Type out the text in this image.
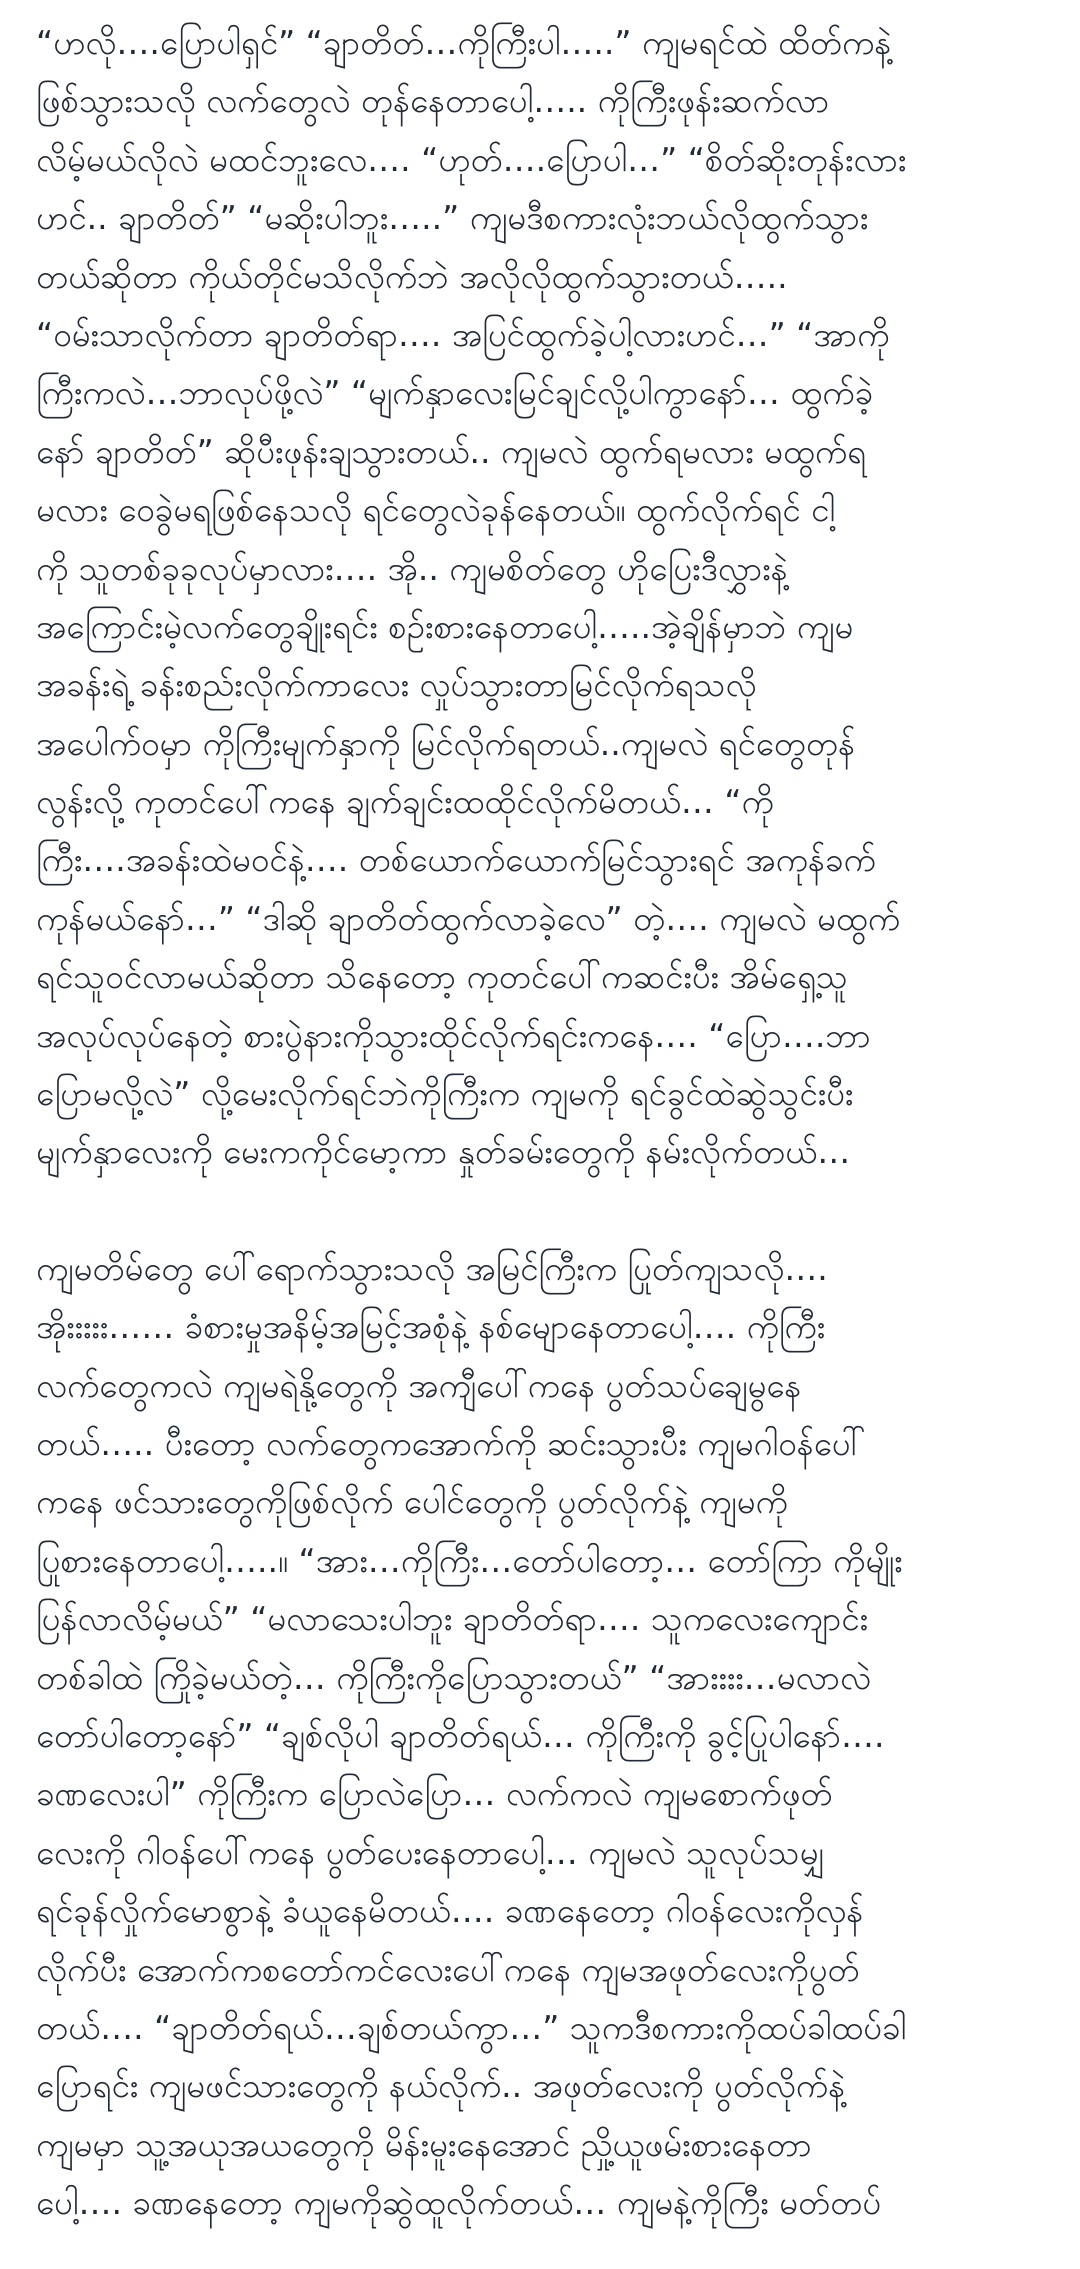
“ဟလို….ပြောပါရှင်” “ချာတိတ်…ကိုကြီးပါ…..” ကျမရင်ထဲ ထိတ်ကနဲ့
ဖြစ်သွားသလို လက်တွေလဲ တုန်နေတာပေါ့….. ကိုကြီးဖုန်းဆက်လာ
လိမ့်မယ်လိုလဲ မထင်ဘူးလေ…. “ဟုတ်….ပြောပါ…” “စိတ်ဆိုးတုန်းလား
ဟင်.. ချာတိတ်” “မဆိုးပါဘူး…..” ကျမဒီစကားလုံးဘယ်လိုထွက်သွား
တယ်ဆိုတာ ကိုယ်တိုင်မသိလိုက်ဘဲ အလိုလိုထွက်သွားတယ်…..
“ဝမ်းသာလိုက်တာ ချာတိတ်ရာ…. အပြင်ထွက်ခဲ့ပါ့လားဟင်…” “အာကို
ကြီးကလဲ…ဘာလုပ်ဖို့လဲ” “မျက်နှာလေးမြင်ချင်လို့ပါကွာနော်… ထွက်ခဲ့
နော် ချာတိတ်” ဆိုပီးဖုန်းချသွားတယ်.. ကျမလဲ ထွက်ရမလား မထွက်ရ
မလား ဝေခွဲမရဖြစ်နေသလို ရင်တွေလဲခုန်နေတယ်။ ထွက်လိုက်ရင် ငါ့
ကို သူတစ်ခုခုလုပ်မှာလား…. အို.. ကျမစိတ်တွေ ဟိုပြေးဒီလွှားနဲ့
အကြောင်းမဲ့လက်တွေချိုးရင်း စဉ်းစားနေတာပေါ့…..အဲ့ချိန်မှာဘဲ ကျမ
အခန်းရဲ့ ခန်းစည်းလိုက်ကာလေး လှုပ်သွားတာမြင်လိုက်ရသလို
အပေါက်ဝမှာ ကိုကြီးမျက်နှာကို မြင်လိုက်ရတယ်..ကျမလဲ ရင်တွေတုန်
လွန်းလို့ ကုတင်ပေါ်ကနေ ချက်ချင်းထထိုင်လိုက်မိတယ်… “ကို
ကြီး….အခန်းထဲမဝင်နဲ့…. တစ်ယောက်ယောက်မြင်သွားရင် အကုန်ခက်
ကုန်မယ်နော်…” “ဒါဆို ချာတိတ်ထွက်လာခဲ့လေ” တဲ့…. ကျမလဲ မထွက်
ရင်သူဝင်လာမယ်ဆိုတာ သိနေတော့ ကုတင်ပေါ်ကဆင်းပီး အိမ်ရှေ့သူ
အလုပ်လုပ်နေတဲ့ စားပွဲနားကိုသွားထိုင်လိုက်ရင်းကနေ…. “ပြော….ဘာ
ပြောမလို့လဲ” လို့မေးလိုက်ရင်ဘဲကိုကြီးက ကျမကို ရင်ခွင်ထဲဆွဲသွင်းပီး
မျက်နှာလေးကို မေးကကိုင်မော့ကာ နှုတ်ခမ်းတွေကို နမ်းလိုက်တယ်…

ကျမတိမ်တွေ ပေါ်ရောက်သွားသလို အမြင်ကြီးက ပြုတ်ကျသလို….
အိုးးးးး…… ခံစားမှုအနိမ့်အမြင့်အစုံနဲ့ နစ်မျောနေတာပေါ့…. ကိုကြီး
လက်တွေကလဲ ကျမရဲနို့တွေကို အကျီပေါ်ကနေ ပွတ်သပ်ချေမွနေ
တယ်….. ပီးတော့ လက်တွေကအောက်ကို ဆင်းသွားပီး ကျမဂါဝန်ပေါ်
ကနေ ဖင်သားတွေကိုဖြစ်လိုက် ပေါင်တွေကို ပွတ်လိုက်နဲ့ ကျမကို
ပြုစားနေတာပေါ့…..။ “အား…ကိုကြီး…တော်ပါတော့… တော်ကြာ ကိုမျိုး
ပြန်လာလိမ့်မယ်” “မလာသေးပါဘူး ချာတိတ်ရာ…. သူကလေးကျောင်း
တစ်ခါထဲ ကြိုခဲ့မယ်တဲ့… ကိုကြီးကိုပြောသွားတယ်” “အားးးး…မလာလဲ
တော်ပါတော့နော်” “ချစ်လိုပါ ချာတိတ်ရယ်… ကိုကြီးကို ခွင့်ပြုပါနော်….
ခဏလေးပါ” ကိုကြီးက ပြောလဲပြော… လက်ကလဲ ကျမစောက်ဖုတ်
လေးကို ဂါဝန်ပေါ်ကနေ ပွတ်ပေးနေတာပေါ့… ကျမလဲ သူလုပ်သမျှ
ရင်ခုန်လှိုက်မောစွာနဲ့ ခံယူနေမိတယ်…. ခဏနေတော့ ဂါဝန်လေးကိုလှန်
လိုက်ပီး အောက်ကစတော်ကင်လေးပေါ်ကနေ ကျမအဖုတ်လေးကိုပွတ်
တယ်…. “ချာတိတ်ရယ်…ချစ်တယ်ကွာ…” သူကဒီစကားကိုထပ်ခါထပ်ခါ
ပြောရင်း ကျမဖင်သားတွေကို နယ်လိုက်.. အဖုတ်လေးကို ပွတ်လိုက်နဲ့
ကျမမှာ သူ့အယုအယတွေကို မိန်းမူးနေအောင် ညှို့ယူဖမ်းစားနေတာ
ပေါ့…. ခဏနေတော့ ကျမကိုဆွဲထူလိုက်တယ်… ကျမနဲ့ကိုကြီး မတ်တပ်
